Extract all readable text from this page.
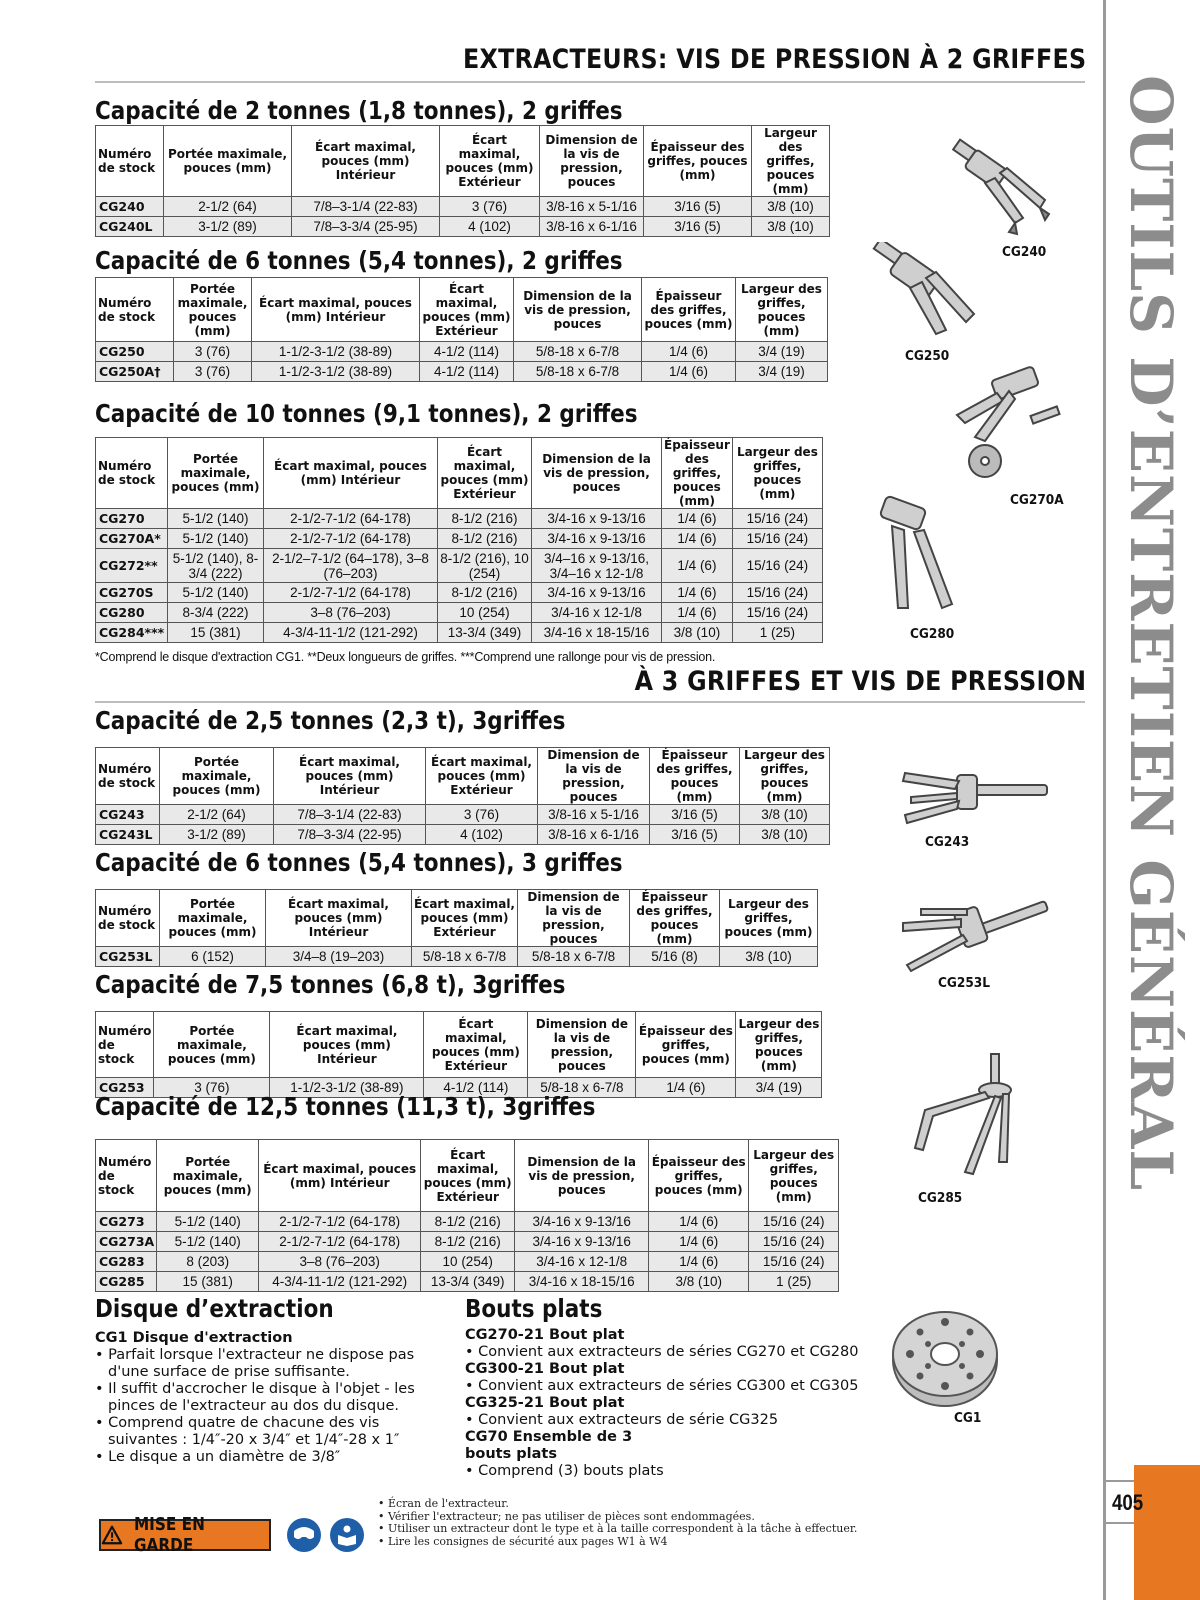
OUTILS D’ENTRETIEN GÉNÉRAL
405
EXTRACTEURS: VIS DE PRESSION À 2 GRIFFES
À 3 GRIFFES ET VIS DE PRESSION
Capacité de 2 tonnes (1,8 tonnes), 2 griffes
Numéro de stock	Portée maximale, pouces (mm)	Écart maximal, pouces (mm) Intérieur	Écart maximal, pouces (mm) Extérieur	Dimension de la vis de pression, pouces	Épaisseur des griffes, pouces (mm)	Largeur des griffes, pouces (mm)
CG240	2-1/2 (64)	7/8–3-1/4 (22-83)	3 (76)	3/8-16 x 5-1/16	3/16 (5)	3/8 (10)
CG240L	3-1/2 (89)	7/8–3-3/4 (25-95)	4 (102)	3/8-16 x 6-1/16	3/16 (5)	3/8 (10)
Capacité de 6 tonnes (5,4 tonnes), 2 griffes
Numéro de stock	Portée maximale, pouces (mm)	Écart maximal, pouces (mm) Intérieur	Écart maximal, pouces (mm) Extérieur	Dimension de la vis de pression, pouces	Épaisseur des griffes, pouces (mm)	Largeur des griffes, pouces (mm)
CG250	3 (76)	1-1/2-3-1/2 (38-89)	4-1/2 (114)	5/8-18 x 6-7/8	1/4 (6)	3/4 (19)
CG250A†	3 (76)	1-1/2-3-1/2 (38-89)	4-1/2 (114)	5/8-18 x 6-7/8	1/4 (6)	3/4 (19)
Capacité de 10 tonnes (9,1 tonnes), 2 griffes
Numéro de stock	Portée maximale, pouces (mm)	Écart maximal, pouces (mm) Intérieur	Écart maximal, pouces (mm) Extérieur	Dimension de la vis de pression, pouces	Épaisseur des griffes, pouces (mm)	Largeur des griffes, pouces (mm)
CG270	5-1/2 (140)	2-1/2-7-1/2 (64-178)	8-1/2 (216)	3/4-16 x 9-13/16	1/4 (6)	15/16 (24)
CG270A*	5-1/2 (140)	2-1/2-7-1/2 (64-178)	8-1/2 (216)	3/4-16 x 9-13/16	1/4 (6)	15/16 (24)
CG272**	5-1/2 (140), 8-3/4 (222)	2-1/2–7-1/2 (64–178), 3–8 (76–203)	8-1/2 (216), 10 (254)	3/4–16 x 9-13/16, 3/4–16 x 12-1/8	1/4 (6)	15/16 (24)
CG270S	5-1/2 (140)	2-1/2-7-1/2 (64-178)	8-1/2 (216)	3/4-16 x 9-13/16	1/4 (6)	15/16 (24)
CG280	8-3/4 (222)	3–8 (76–203)	10 (254)	3/4-16 x 12-1/8	1/4 (6)	15/16 (24)
CG284***	15 (381)	4-3/4-11-1/2 (121-292)	13-3/4 (349)	3/4-16 x 18-15/16	3/8 (10)	1 (25)
Capacité de 2,5 tonnes (2,3 t), 3griffes
Numéro de stock	Portée maximale, pouces (mm)	Écart maximal, pouces (mm) Intérieur	Écart maximal, pouces (mm) Extérieur	Dimension de la vis de pression, pouces	Épaisseur des griffes, pouces (mm)	Largeur des griffes, pouces (mm)
CG243	2-1/2 (64)	7/8–3-1/4 (22-83)	3 (76)	3/8-16 x 5-1/16	3/16 (5)	3/8 (10)
CG243L	3-1/2 (89)	7/8–3-3/4 (22-95)	4 (102)	3/8-16 x 6-1/16	3/16 (5)	3/8 (10)
Capacité de 6 tonnes (5,4 tonnes), 3 griffes
Numéro de stock	Portée maximale, pouces (mm)	Écart maximal, pouces (mm) Intérieur	Écart maximal, pouces (mm) Extérieur	Dimension de la vis de pression, pouces	Épaisseur des griffes, pouces (mm)	Largeur des griffes, pouces (mm)
CG253L	6 (152)	3/4–8 (19–203)	5/8-18 x 6-7/8	5/8-18 x 6-7/8	5/16 (8)	3/8 (10)
Capacité de 7,5 tonnes (6,8 t), 3griffes
Numéro de stock	Portée maximale, pouces (mm)	Écart maximal, pouces (mm) Intérieur	Écart maximal, pouces (mm) Extérieur	Dimension de la vis de pression, pouces	Épaisseur des griffes, pouces (mm)	Largeur des griffes, pouces (mm)
CG253	3 (76)	1-1/2-3-1/2 (38-89)	4-1/2 (114)	5/8-18 x 6-7/8	1/4 (6)	3/4 (19)
Capacité de 12,5 tonnes (11,3 t), 3griffes
Numéro de stock	Portée maximale, pouces (mm)	Écart maximal, pouces (mm) Intérieur	Écart maximal, pouces (mm) Extérieur	Dimension de la vis de pression, pouces	Épaisseur des griffes, pouces (mm)	Largeur des griffes, pouces (mm)
CG273	5-1/2 (140)	2-1/2-7-1/2 (64-178)	8-1/2 (216)	3/4-16 x 9-13/16	1/4 (6)	15/16 (24)
CG273A	5-1/2 (140)	2-1/2-7-1/2 (64-178)	8-1/2 (216)	3/4-16 x 9-13/16	1/4 (6)	15/16 (24)
CG283	8 (203)	3–8 (76–203)	10 (254)	3/4-16 x 12-1/8	1/4 (6)	15/16 (24)
CG285	15 (381)	4-3/4-11-1/2 (121-292)	13-3/4 (349)	3/4-16 x 18-15/16	3/8 (10)	1 (25)
*Comprend le disque d'extraction CG1. **Deux longueurs de griffes. ***Comprend une rallonge pour vis de pression.
Disque d’extraction

CG1 Disque d'extraction

• Parfait lorsque l'extracteur ne dispose pas

d'une surface de prise suffisante.

• Il suffit d'accrocher le disque à l'objet - les

pinces de l'extracteur au dos du disque.

• Comprend quatre de chacune des vis

suivantes : 1/4″-20 x 3/4″ et 1/4″-28 x 1″

• Le disque a un diamètre de 3/8″

Bouts plats

CG270-21 Bout plat

• Convient aux extracteurs de séries CG270 et CG280

CG300-21 Bout plat

• Convient aux extracteurs de séries CG300 et CG305

CG325-21 Bout plat

• Convient aux extracteurs de série CG325

CG70 Ensemble de 3

bouts plats

• Comprend (3) bouts plats

CG240
CG250
CG270A
CG280
CG243
CG253L
CG285
CG1
MISE EN GARDE

• Écran de l'extracteur.

• Vérifier l'extracteur; ne pas utiliser de pièces sont endommagées.

• Utiliser un extracteur dont le type et à la taille correspondent à la tâche à effectuer.

• Lire les consignes de sécurité aux pages W1 à W4
